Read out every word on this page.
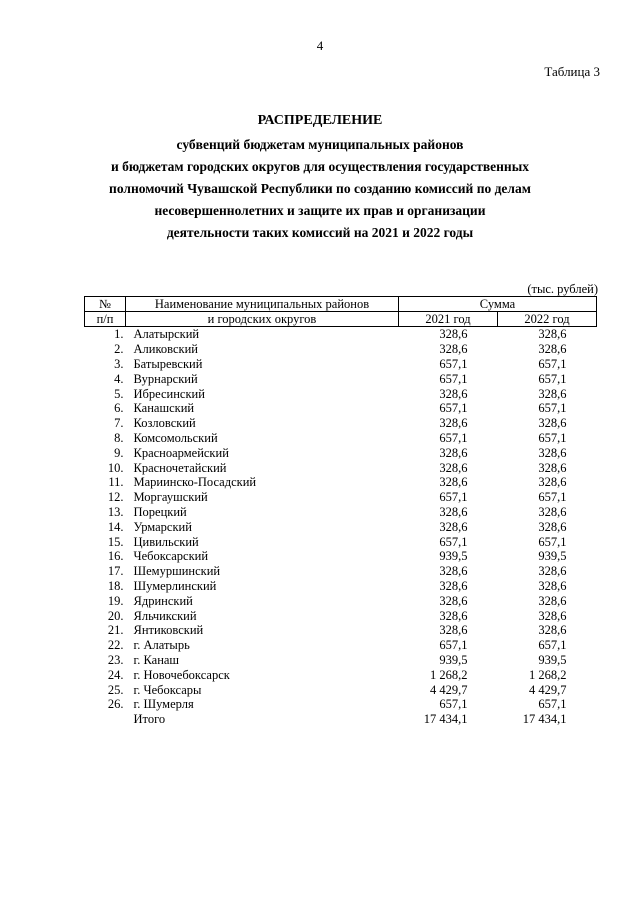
4
Таблица 3
РАСПРЕДЕЛЕНИЕ
субвенций бюджетам муниципальных районов
и бюджетам городских округов для осуществления государственных
полномочий Чувашской Республики по созданию комиссий по делам
несовершеннолетних и защите их прав и организации
деятельности таких комиссий на 2021 и 2022 годы
(тыс. рублей)
№	Наименование муниципальных районов	Сумма	
п/п	и городских округов	2021 год	2022 год
1.	Алатырский	328,6	328,6
2.	Аликовский	328,6	328,6
3.	Батыревский	657,1	657,1
4.	Вурнарский	657,1	657,1
5.	Ибресинский	328,6	328,6
6.	Канашский	657,1	657,1
7.	Козловский	328,6	328,6
8.	Комсомольский	657,1	657,1
9.	Красноармейский	328,6	328,6
10.	Красночетайский	328,6	328,6
11.	Мариинско-Посадский	328,6	328,6
12.	Моргаушский	657,1	657,1
13.	Порецкий	328,6	328,6
14.	Урмарский	328,6	328,6
15.	Цивильский	657,1	657,1
16.	Чебоксарский	939,5	939,5
17.	Шемуршинский	328,6	328,6
18.	Шумерлинский	328,6	328,6
19.	Ядринский	328,6	328,6
20.	Яльчикский	328,6	328,6
21.	Янтиковский	328,6	328,6
22.	г. Алатырь	657,1	657,1
23.	г. Канаш	939,5	939,5
24.	г. Новочебоксарск	1 268,2	1 268,2
25.	г. Чебоксары	4 429,7	4 429,7
26.	г. Шумерля	657,1	657,1
	Итого	17 434,1	17 434,1
